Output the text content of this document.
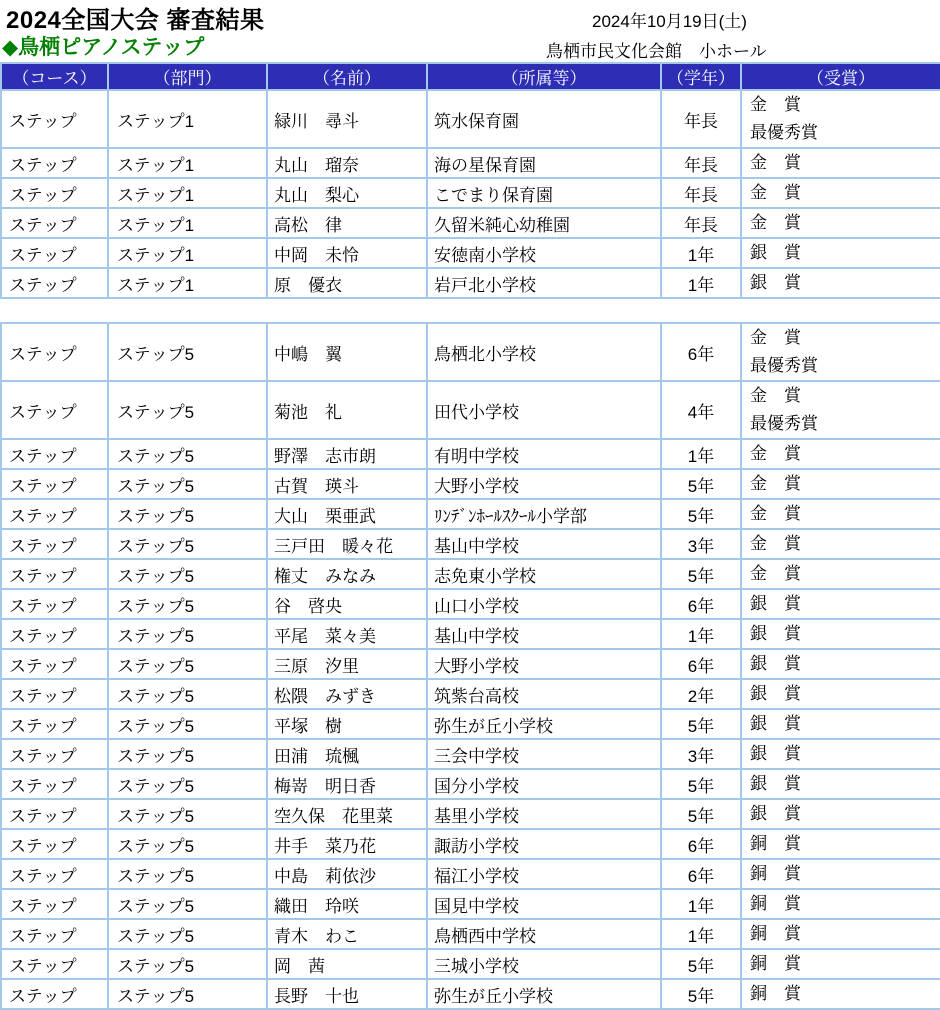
2024全国大会 審査結果	2024年10月19日(土)
◆鳥栖ピアノステップ	鳥栖市民文化会館　小ホール
（コース）	（部門）	（名前）	（所属等）	（学年）	（受賞）
ステップ	ステップ1	緑川　尋斗	筑水保育園	年長	金　賞
最優秀賞

ステップ	ステップ1	丸山　瑠奈	海の星保育園	年長	金　賞

ステップ	ステップ1	丸山　梨心	こでまり保育園	年長	金　賞

ステップ	ステップ1	高松　律	久留米純心幼稚園	年長	金　賞

ステップ	ステップ1	中岡　未怜	安徳南小学校	1年	銀　賞

ステップ	ステップ1	原　優衣	岩戸北小学校	1年	銀　賞
ステップ	ステップ5	中嶋　翼	鳥栖北小学校	6年	金　賞
最優秀賞

ステップ	ステップ5	菊池　礼	田代小学校	4年	金　賞
最優秀賞

ステップ	ステップ5	野澤　志市朗	有明中学校	1年	金　賞

ステップ	ステップ5	古賀　瑛斗	大野小学校	5年	金　賞

ステップ	ステップ5	大山　栗亜武	ﾘﾝﾃﾞﾝﾎｰﾙｽｸｰﾙ小学部	5年	金　賞

ステップ	ステップ5	三戸田　暖々花	基山中学校	3年	金　賞

ステップ	ステップ5	権丈　みなみ	志免東小学校	5年	金　賞

ステップ	ステップ5	谷　啓央	山口小学校	6年	銀　賞

ステップ	ステップ5	平尾　菜々美	基山中学校	1年	銀　賞

ステップ	ステップ5	三原　汐里	大野小学校	6年	銀　賞

ステップ	ステップ5	松隈　みずき	筑紫台高校	2年	銀　賞

ステップ	ステップ5	平塚　樹	弥生が丘小学校	5年	銀　賞

ステップ	ステップ5	田浦　琉楓	三会中学校	3年	銀　賞

ステップ	ステップ5	梅嵜　明日香	国分小学校	5年	銀　賞

ステップ	ステップ5	空久保　花里菜	基里小学校	5年	銀　賞

ステップ	ステップ5	井手　菜乃花	諏訪小学校	6年	銅　賞

ステップ	ステップ5	中島　莉依沙	福江小学校	6年	銅　賞

ステップ	ステップ5	織田　玲咲	国見中学校	1年	銅　賞

ステップ	ステップ5	青木　わこ	鳥栖西中学校	1年	銅　賞

ステップ	ステップ5	岡　茜	三城小学校	5年	銅　賞

ステップ	ステップ5	長野　十也	弥生が丘小学校	5年	銅　賞
